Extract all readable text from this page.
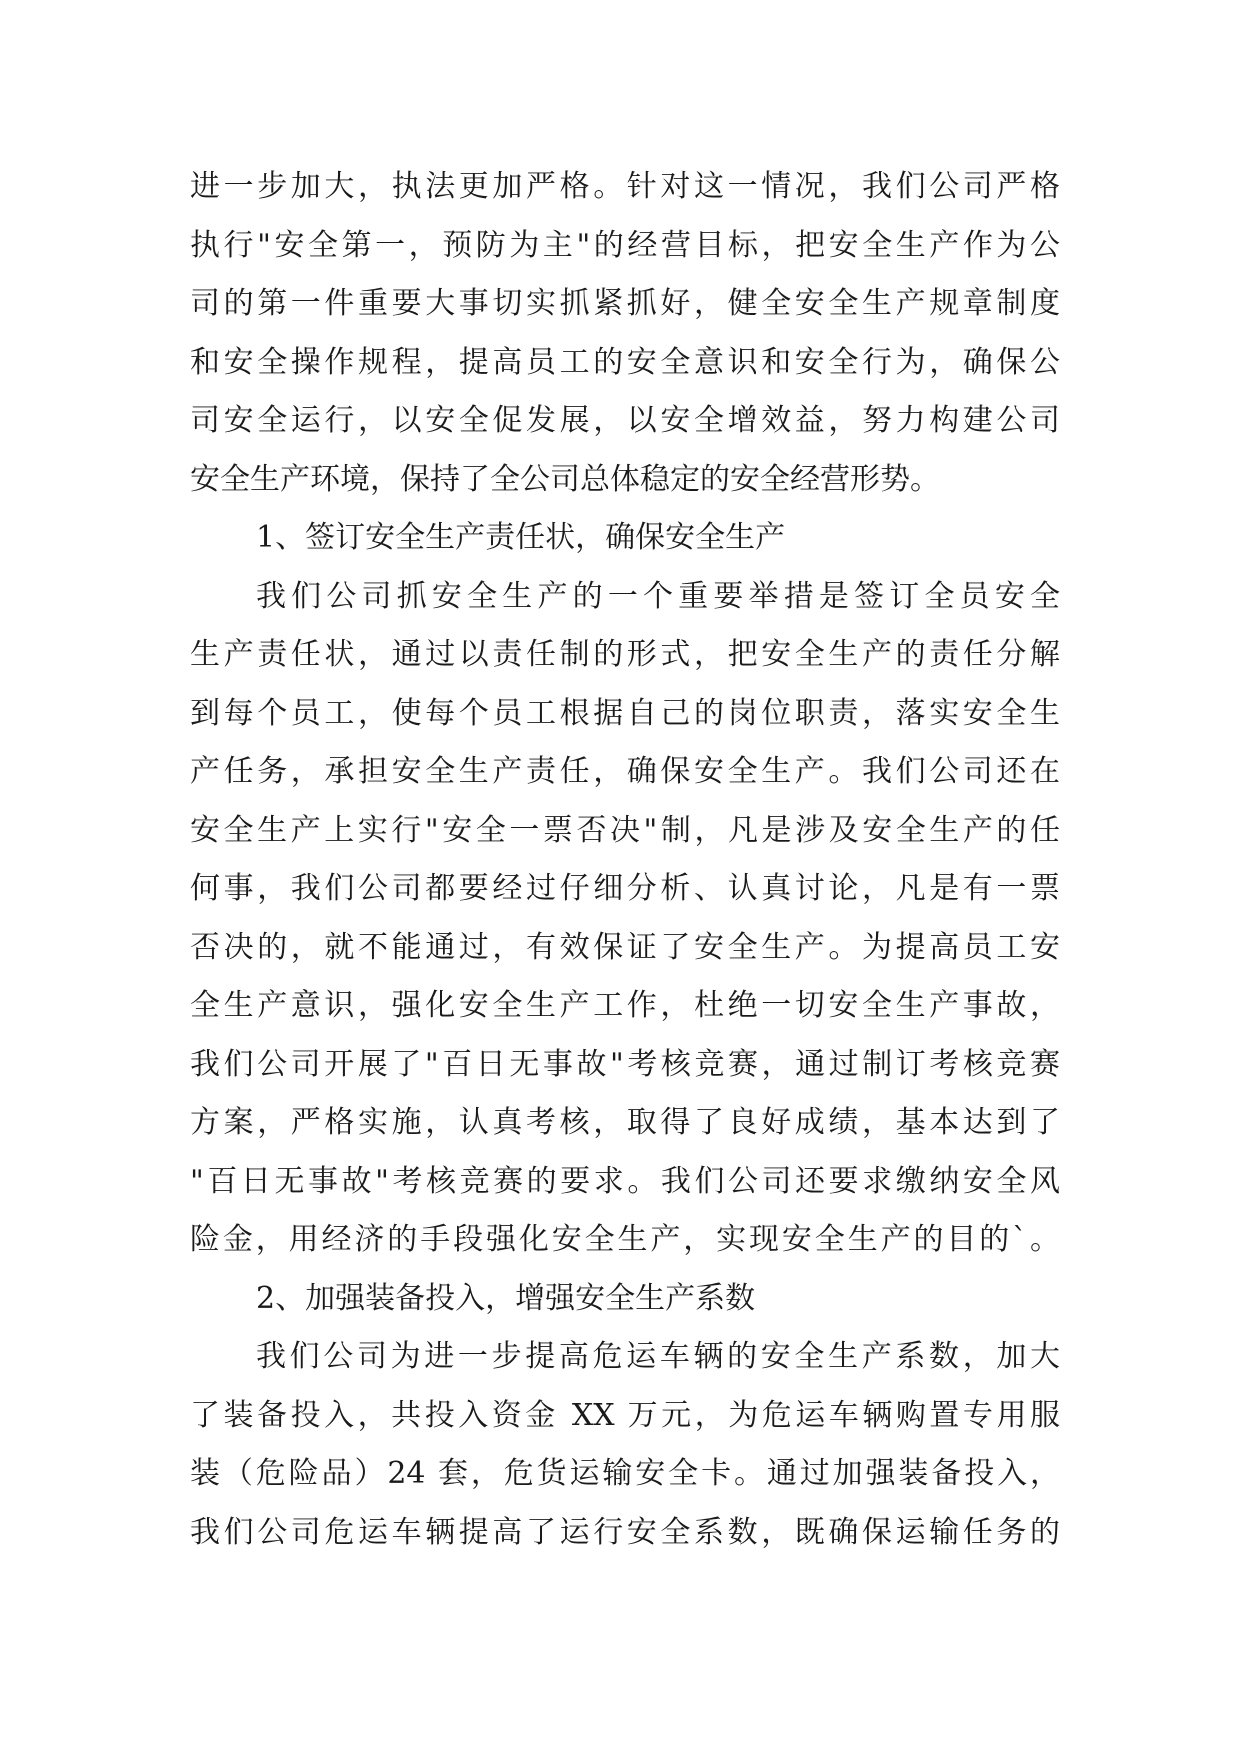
进一步加大，执法更加严格。针对这一情况，我们公司严格
执行"安全第一，预防为主"的经营目标，把安全生产作为公
司的第一件重要大事切实抓紧抓好，健全安全生产规章制度
和安全操作规程，提高员工的安全意识和安全行为，确保公
司安全运行，以安全促发展，以安全增效益，努力构建公司
安全生产环境，保持了全公司总体稳定的安全经营形势。
1、签订安全生产责任状，确保安全生产
我们公司抓安全生产的一个重要举措是签订全员安全
生产责任状，通过以责任制的形式，把安全生产的责任分解
到每个员工，使每个员工根据自己的岗位职责，落实安全生
产任务，承担安全生产责任，确保安全生产。我们公司还在
安全生产上实行"安全一票否决"制，凡是涉及安全生产的任
何事，我们公司都要经过仔细分析、认真讨论，凡是有一票
否决的，就不能通过，有效保证了安全生产。为提高员工安
全生产意识，强化安全生产工作，杜绝一切安全生产事故，
我们公司开展了"百日无事故"考核竞赛，通过制订考核竞赛
方案，严格实施，认真考核，取得了良好成绩，基本达到了
"百日无事故"考核竞赛的要求。我们公司还要求缴纳安全风
险金，用经济的手段强化安全生产，实现安全生产的目的`。
2、加强装备投入，增强安全生产系数
我们公司为进一步提高危运车辆的安全生产系数，加大
了装备投入，共投入资金 XX 万元，为危运车辆购置专用服
装（危险品）24 套，危货运输安全卡。通过加强装备投入，
我们公司危运车辆提高了运行安全系数，既确保运输任务的
